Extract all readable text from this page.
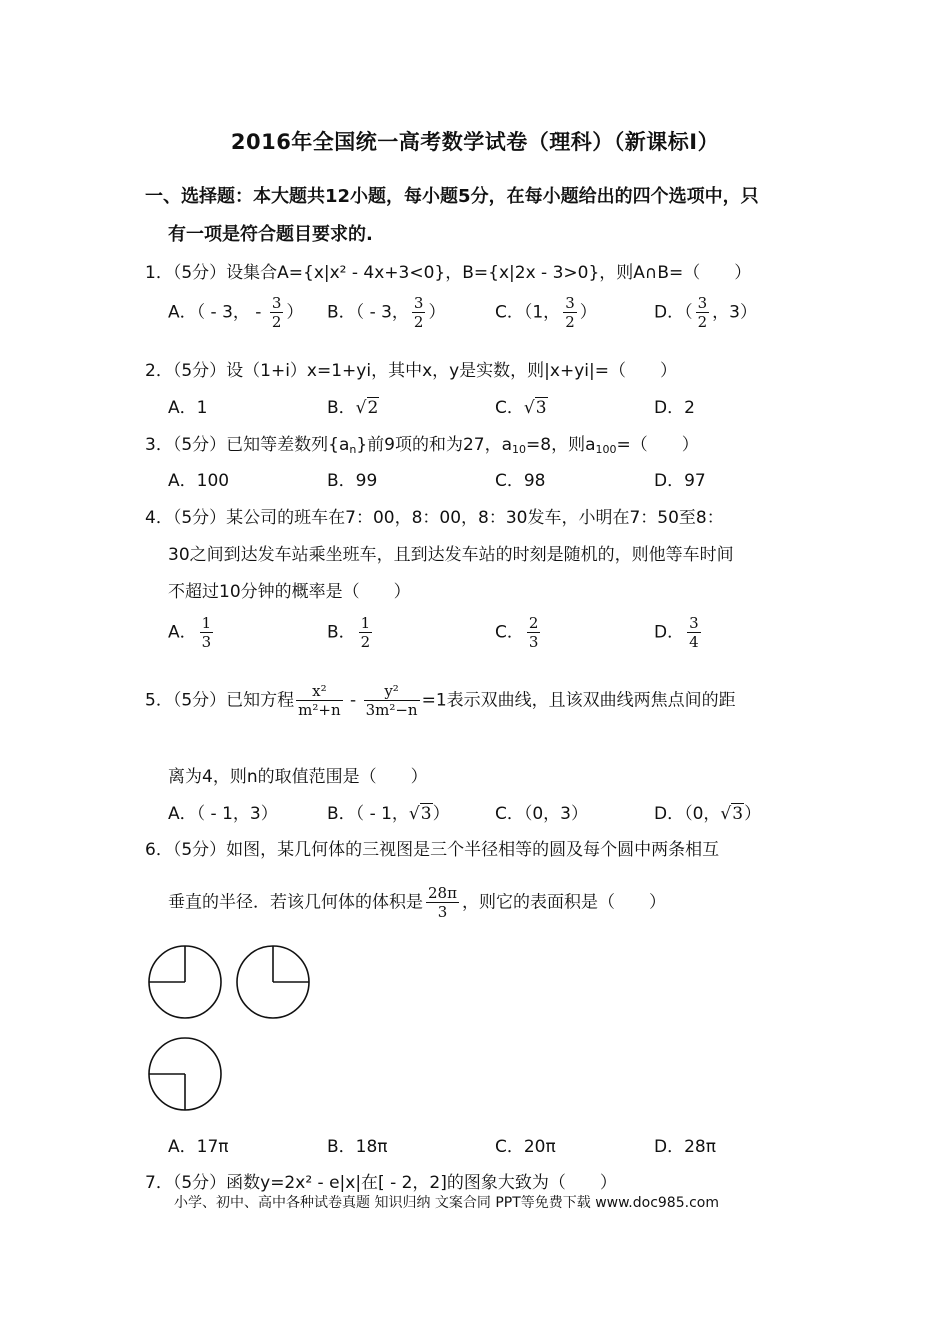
2016年全国统一高考数学试卷（理科）（新课标Ⅰ）
一、选择题：本大题共12小题，每小题5分，在每小题给出的四个选项中，只
有一项是符合题目要求的.
1．（5分）设集合A={x|x² - 4x+3<0}，B={x|2x - 3>0}，则A∩B=（　　）
A．（ - 3， - $\frac{3}{2}$ ） B．（ - 3， $\frac{3}{2}$ ）	C．（1， $\frac{3}{2}$ ）	D．（ $\frac{3}{2}$ ，3）
2．（5分）设（1+i）x=1+yi，其中x，y是实数，则|x+yi|=（　　）
A．1	B．√2	C．√3	D．2
3．（5分）已知等差数列$\{a_n\}$前9项的和为27，$a_{10}=8$，则$a_{100}=$（　　）
A．100	B．99	C．98	D．97
4．（5分）某公司的班车在7：00，8：00，8：30发车，小明在7：50至8：
30之间到达发车站乘坐班车，且到达发车站的时刻是随机的，则他等车时间
不超过10分钟的概率是（　　）
A． $\frac{1}{3}$	B． $\frac{1}{2}$	C． $\frac{2}{3}$	D． $\frac{3}{4}$
5．（5分）已知方程 $\frac{\text{x²}}{\text{m²+n}} - \frac{\text{y²}}{\text{3m²−n}} =1$表示双曲线，且该双曲线两焦点间的距
离为4，则n的取值范围是（　　）
A．（ - 1，3）	B．（ - 1，√3）	C．（0，3）	D．（0，√3）
6．（5分）如图，某几何体的三视图是三个半径相等的圆及每个圆中两条相互
垂直的半径．若该几何体的体积是 $\frac{28\pi}{3}$ ，则它的表面积是（　　）
A．17π	B．18π	C．20π	D．28π
7．（5分）函数y=2x² - e|x|在[ - 2，2]的图象大致为（　　）
小学、初中、高中各种试卷真题 知识归纳 文案合同 PPT等免费下载 www.doc985.com
